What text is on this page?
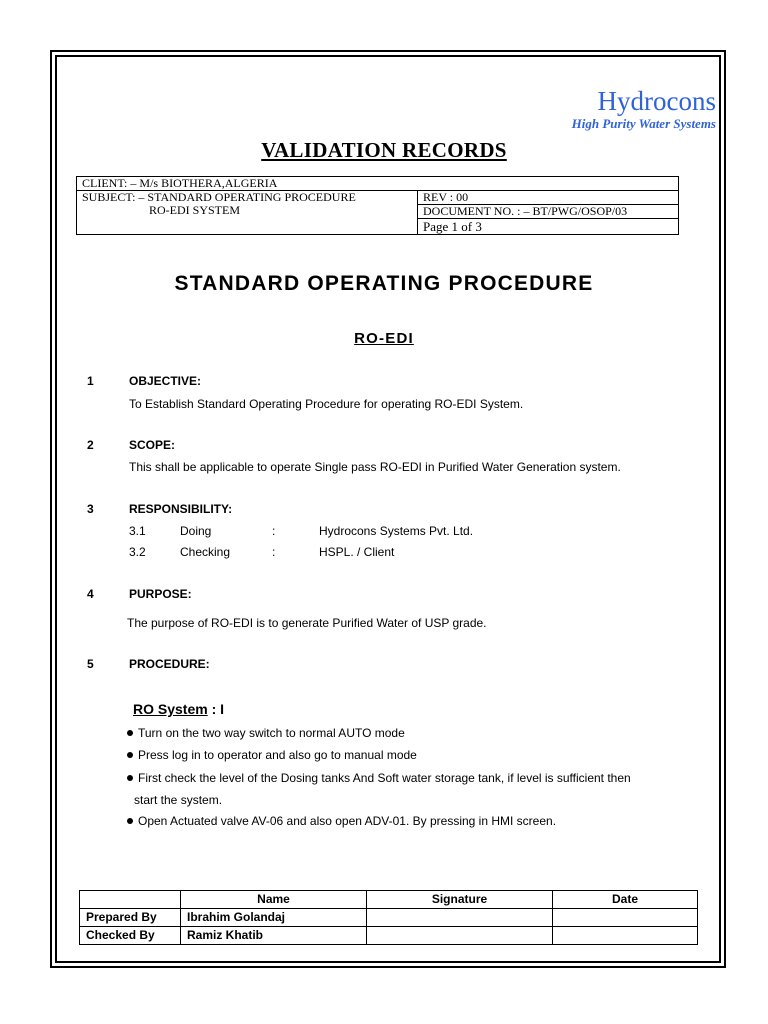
Hydrocons
High Purity Water Systems
VALIDATION RECORDS
CLIENT: – M/s BIOTHERA,ALGERIA

SUBJECT: – STANDARD OPERATING PROCEDURE
RO-EDI SYSTEM
	REV : 00
DOCUMENT NO. : – BT/PWG/OSOP/03
Page 1 of 3
STANDARD OPERATING PROCEDURE
RO-EDI
1	OBJECTIVE:
To Establish Standard Operating Procedure for operating RO-EDI System.
2	SCOPE:
This shall be applicable to operate Single pass RO-EDI in Purified Water Generation system.
3	RESPONSIBILITY:
3.1	Doing	:	Hydrocons Systems Pvt. Ltd.
3.2	Checking	:	HSPL. / Client
4	PURPOSE:
The purpose of RO-EDI is to generate Purified Water of USP grade.
5	PROCEDURE:
RO System : I
Turn on the two way switch to normal AUTO mode
Press log in to operator and also go to manual mode
First check the level of the Dosing tanks And Soft water storage tank, if level is sufficient then
start the system.
Open Actuated valve AV-06 and also open ADV-01. By pressing in HMI screen.
	Name	Signature	Date
Prepared By	Ibrahim Golandaj		
Checked By	Ramiz Khatib		
